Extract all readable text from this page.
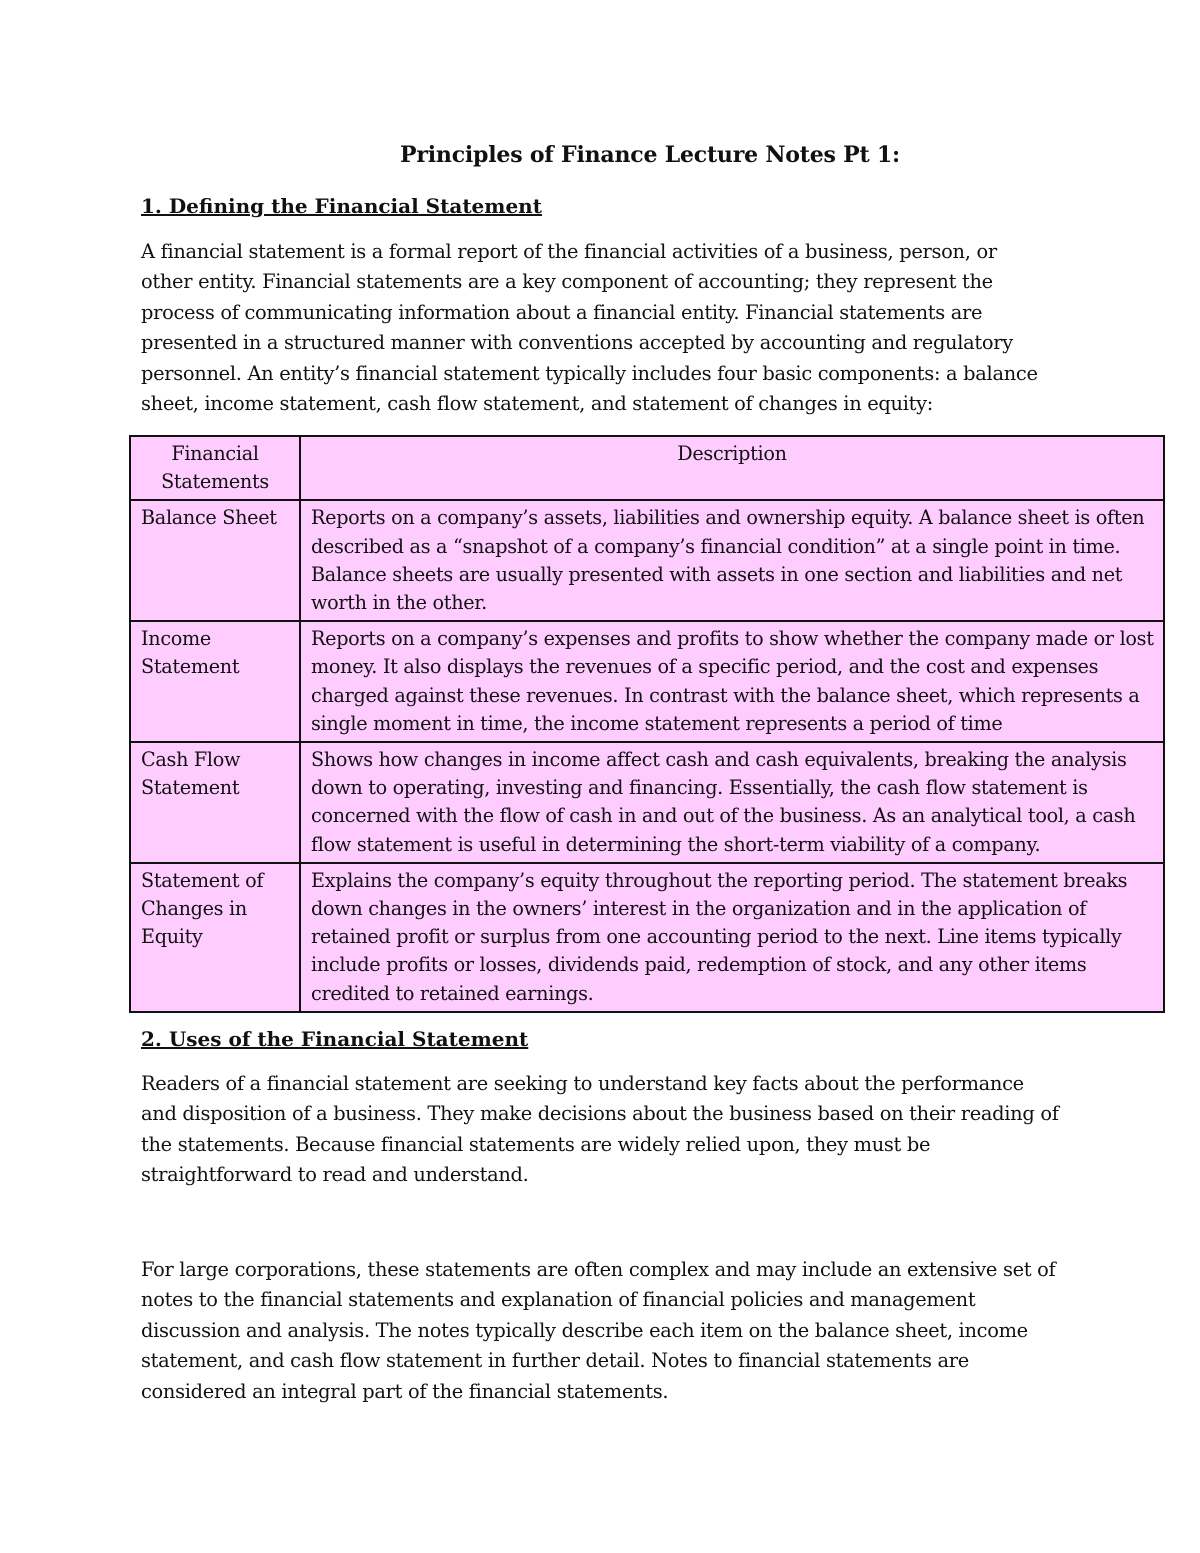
Principles of Finance Lecture Notes Pt 1:
1. Defining the Financial Statement

A financial statement is a formal report of the financial activities of a business, person, or other entity. Financial statements are a key component of accounting; they represent the process of communicating information about a financial entity. Financial statements are presented in a structured manner with conventions accepted by accounting and regulatory personnel. An entity’s financial statement typically includes four basic components: a balance sheet, income statement, cash flow statement, and statement of changes in equity:

Financial Statements	Description
Balance Sheet	Reports on a company’s assets, liabilities and ownership equity. A balance sheet is often described as a “snapshot of a company’s financial condition” at a single point in time. Balance sheets are usually presented with assets in one section and liabilities and net worth in the other.
Income Statement	Reports on a company’s expenses and profits to show whether the company made or lost money. It also displays the revenues of a specific period, and the cost and expenses charged against these revenues. In contrast with the balance sheet, which represents a single moment in time, the income statement represents a period of time
Cash Flow Statement	Shows how changes in income affect cash and cash equivalents, breaking the analysis down to operating, investing and financing. Essentially, the cash flow statement is concerned with the flow of cash in and out of the business. As an analytical tool, a cash flow statement is useful in determining the short-term viability of a company.
Statement of Changes in Equity	Explains the company’s equity throughout the reporting period. The statement breaks down changes in the owners’ interest in the organization and in the application of retained profit or surplus from one accounting period to the next. Line items typically include profits or losses, dividends paid, redemption of stock, and any other items credited to retained earnings.
2. Uses of the Financial Statement

Readers of a financial statement are seeking to understand key facts about the performance and disposition of a business. They make decisions about the business based on their reading of the statements. Because financial statements are widely relied upon, they must be straightforward to read and understand.

For large corporations, these statements are often complex and may include an extensive set of notes to the financial statements and explanation of financial policies and management discussion and analysis. The notes typically describe each item on the balance sheet, income statement, and cash flow statement in further detail. Notes to financial statements are considered an integral part of the financial statements.
